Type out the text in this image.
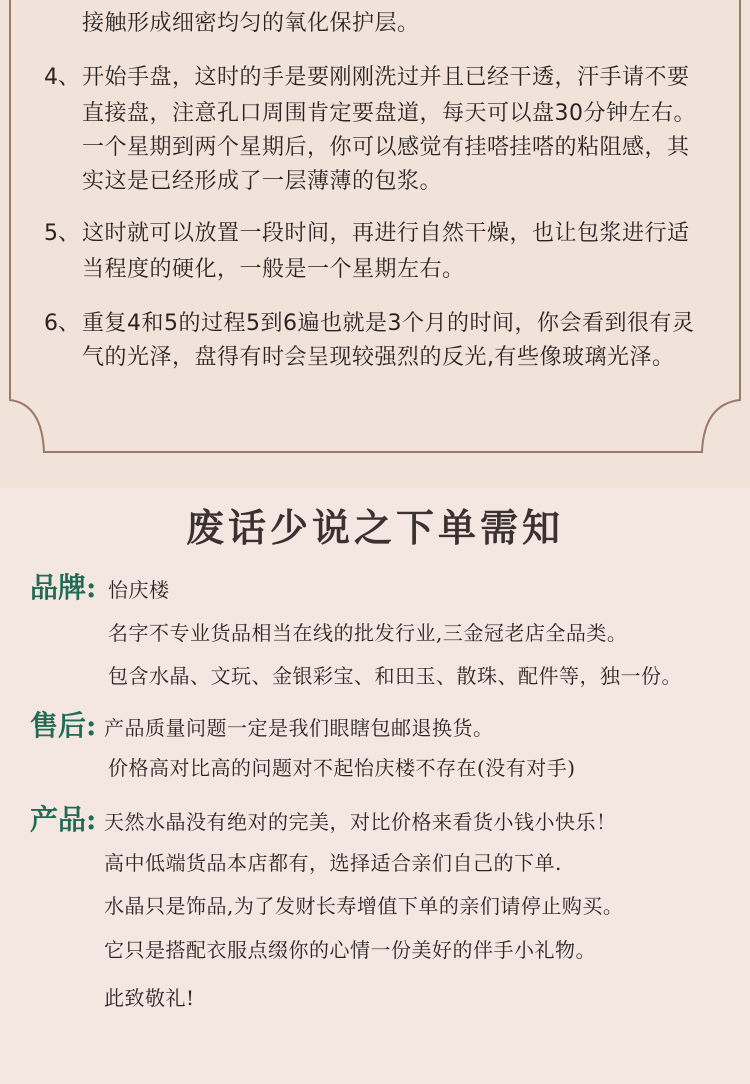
接触形成细密均匀的氧化保护层。
4、 开始手盘，这时的手是要刚刚洗过并且已经干透，汗手请不要
直接盘，注意孔口周围肯定要盘道，每天可以盘30分钟左右。
一个星期到两个星期后，你可以感觉有挂嗒挂嗒的粘阻感，其
实这是已经形成了一层薄薄的包浆。
5、 这时就可以放置一段时间，再进行自然干燥，也让包浆进行适
当程度的硬化，一般是一个星期左右。
6、 重复4和5的过程5到6遍也就是3个月的时间，你会看到很有灵
气的光泽，盘得有时会呈现较强烈的反光,有些像玻璃光泽。
废话少说之下单需知
品牌: 怡庆楼
名字不专业货品相当在线的批发行业,三金冠老店全品类。
包含水晶、文玩、金银彩宝、和田玉、散珠、配件等，独一份。
售后: 产品质量问题一定是我们眼瞎包邮退换货。
价格高对比高的问题对不起怡庆楼不存在(没有对手)
产品: 天然水晶没有绝对的完美，对比价格来看货小钱小快乐！
高中低端货品本店都有，选择适合亲们自己的下单.
水晶只是饰品,为了发财长寿增值下单的亲们请停止购买。
它只是搭配衣服点缀你的心情一份美好的伴手小礼物。
此致敬礼!
